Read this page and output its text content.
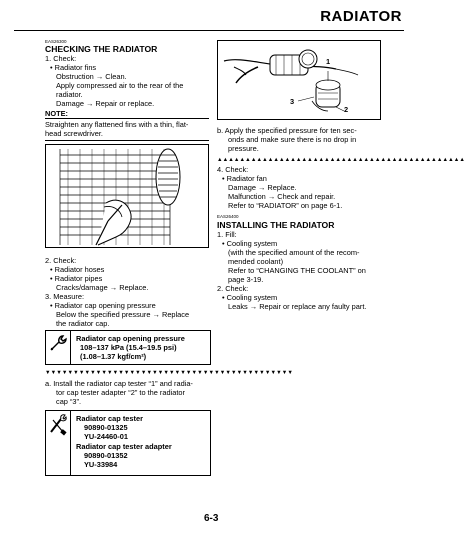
RADIATOR
EAS26300
CHECKING THE RADIATOR
1. Check:
• Radiator fins
Obstruction → Clean.
Apply compressed air to the rear of the
radiator.
Damage → Repair or replace.
NOTE:
Straighten any flattened fins with a thin, flat-
head screwdriver.
2. Check:
• Radiator hoses
• Radiator pipes
Cracks/damage → Replace.
3. Measure:
• Radiator cap opening pressure
Below the specified pressure → Replace
the radiator cap.
Radiator cap opening pressure
108–137 kPa (15.4–19.5 psi)
(1.08–1.37 kgf/cm²)
▼▼▼▼▼▼▼▼▼▼▼▼▼▼▼▼▼▼▼▼▼▼▼▼▼▼▼▼▼▼▼▼▼▼▼▼▼▼▼▼▼▼▼▼
a. Install the radiator cap tester “1” and radia-
tor cap tester adapter “2” to the radiator
cap “3”.
Radiator cap tester
90890-01325
YU-24460-01
Radiator cap tester adapter
90890-01352
YU-33984
1
2
3
b. Apply the specified pressure for ten sec-
onds and make sure there is no drop in
pressure.
▲▲▲▲▲▲▲▲▲▲▲▲▲▲▲▲▲▲▲▲▲▲▲▲▲▲▲▲▲▲▲▲▲▲▲▲▲▲▲▲▲▲▲▲
4. Check:
• Radiator fan
Damage → Replace.
Malfunction → Check and repair.
Refer to “RADIATOR” on page 6-1.
EAS26400
INSTALLING THE RADIATOR
1. Fill:
• Cooling system
(with the specified amount of the recom-
mended coolant)
Refer to “CHANGING THE COOLANT” on
page 3-19.
2. Check:
• Cooling system
Leaks → Repair or replace any faulty part.
6-3
